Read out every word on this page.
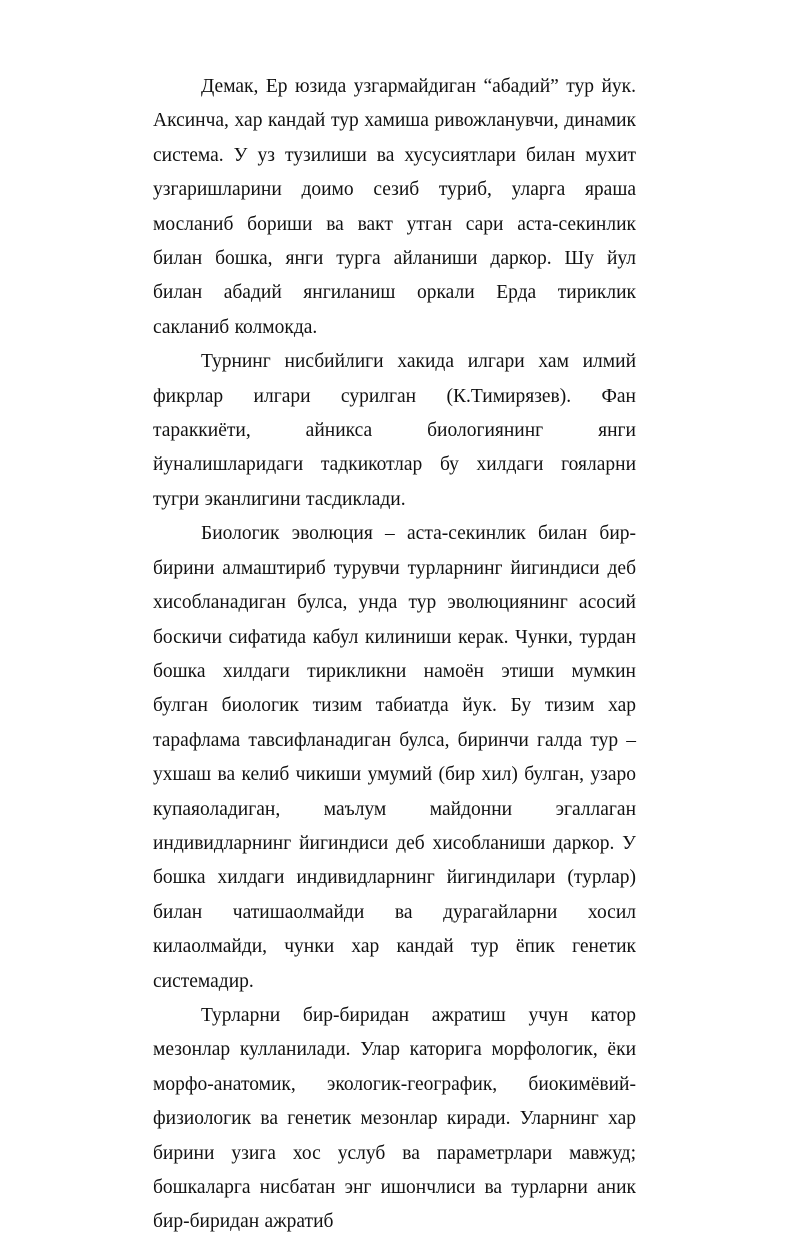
Демак, Ер юзида узгармайдиган “абадий” тур йук. Аксинча, хар кандай тур хамиша ривожланувчи, динамик система. У уз тузилиши ва хусусиятлари билан мухит узгаришларини доимо сезиб туриб, уларга яраша мосланиб бориши ва вакт утган сари аста-секинлик билан бошка, янги турга айланиши даркор. Шу йул билан абадий янгиланиш оркали Ерда тириклик сакланиб колмокда.

Турнинг нисбийлиги хакида илгари хам илмий фикрлар илгари сурилган (К.Тимирязев). Фан тараккиёти, айникса биологиянинг янги йуналишларидаги тадкикотлар бу хилдаги гояларни тугри эканлигини тасдиклади.

Биологик эволюция – аста-секинлик билан бир-бирини алмаштириб турувчи турларнинг йигиндиси деб хисобланадиган булса, унда тур эволюциянинг асосий боскичи сифатида кабул килиниши керак. Чунки, турдан бошка хилдаги тирикликни намоён этиши мумкин булган биологик тизим табиатда йук. Бу тизим хар тарафлама тавсифланадиган булса, биринчи галда тур – ухшаш ва келиб чикиши умумий (бир хил) булган, узаро купаяоладиган, маълум майдонни эгаллаган индивидларнинг йигиндиси деб хисобланиши даркор. У бошка хилдаги индивидларнинг йигиндилари (турлар) билан чатишаолмайди ва дурагайларни хосил килаолмайди, чунки хар кандай тур ёпик генетик системадир.

Турларни бир-биридан ажратиш учун катор мезонлар кулланилади. Улар каторига морфологик, ёки морфо-анатомик, экологик-географик, биокимёвий-физиологик ва генетик мезонлар киради. Уларнинг хар бирини узига хос услуб ва параметрлари мавжуд; бошкаларга нисбатан энг ишончлиси ва турларни аник бир-биридан ажратиб
